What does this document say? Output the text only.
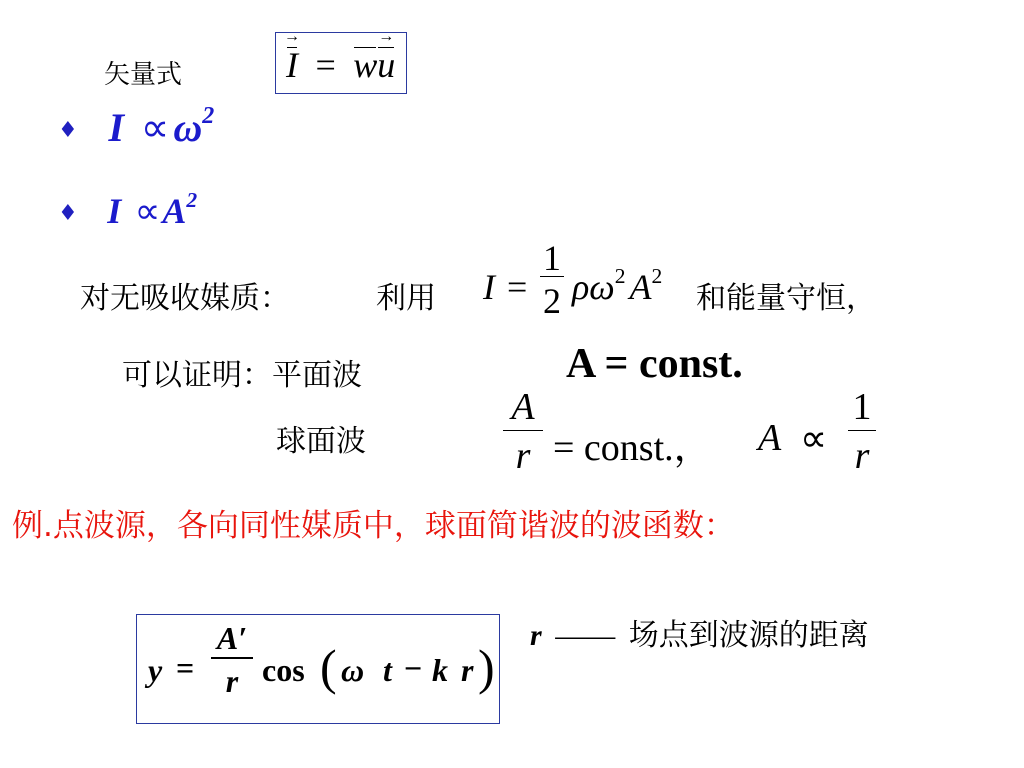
矢量式
→	I = w→ u
♦ $I \propto \omega^2$
♦ $I \propto A^2$
对无吸收媒质：	利用 I =
1
2 $\rho\omega^2$ $A^2$
和能量守恒，
可以证明：平面波	A = const.
球面波
A
r = const.， A ∝
1
r
例.点波源，各向同性媒质中，球面简谐波的波函数：
y =
A′
r cos ( ω t − k r )
r —— 场点到波源的距离
